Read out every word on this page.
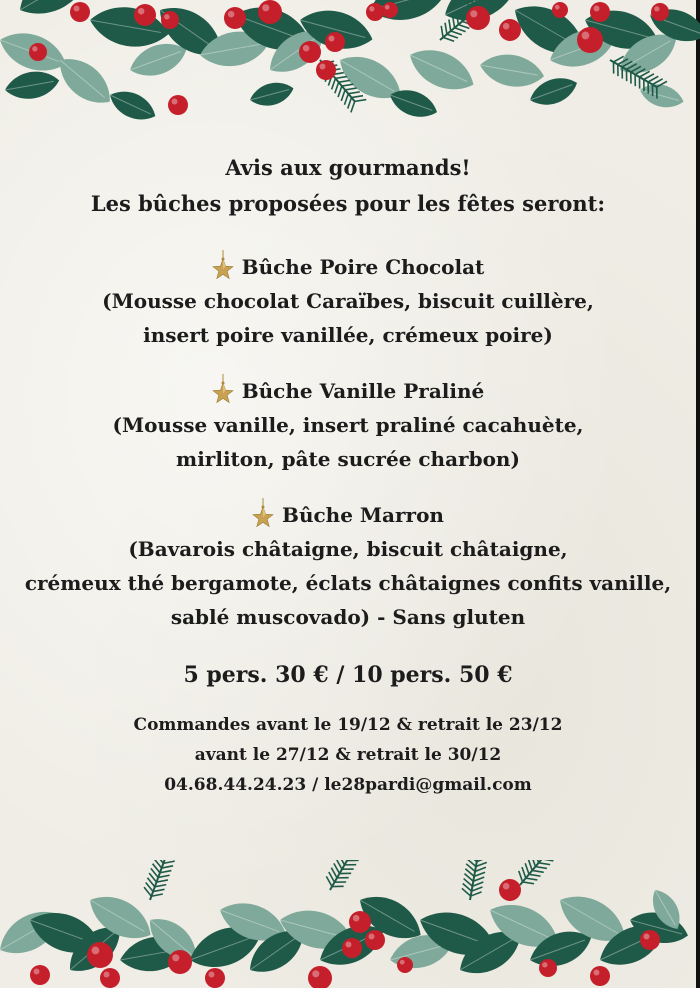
Avis aux gourmands!
Les bûches proposées pour les fêtes seront:
Bûche Poire Chocolat
(Mousse chocolat Caraïbes, biscuit cuillère,
insert poire vanillée, crémeux poire)
Bûche Vanille Praliné
(Mousse vanille, insert praliné cacahuète,
mirliton, pâte sucrée charbon)
Bûche Marron
(Bavarois châtaigne, biscuit châtaigne,
crémeux thé bergamote, éclats châtaignes confits vanille,
sablé muscovado) - Sans gluten
5 pers. 30 € / 10 pers. 50 €
Commandes avant le 19/12 & retrait le 23/12
avant le 27/12 & retrait le 30/12
04.68.44.24.23 / le28pardi@gmail.com
